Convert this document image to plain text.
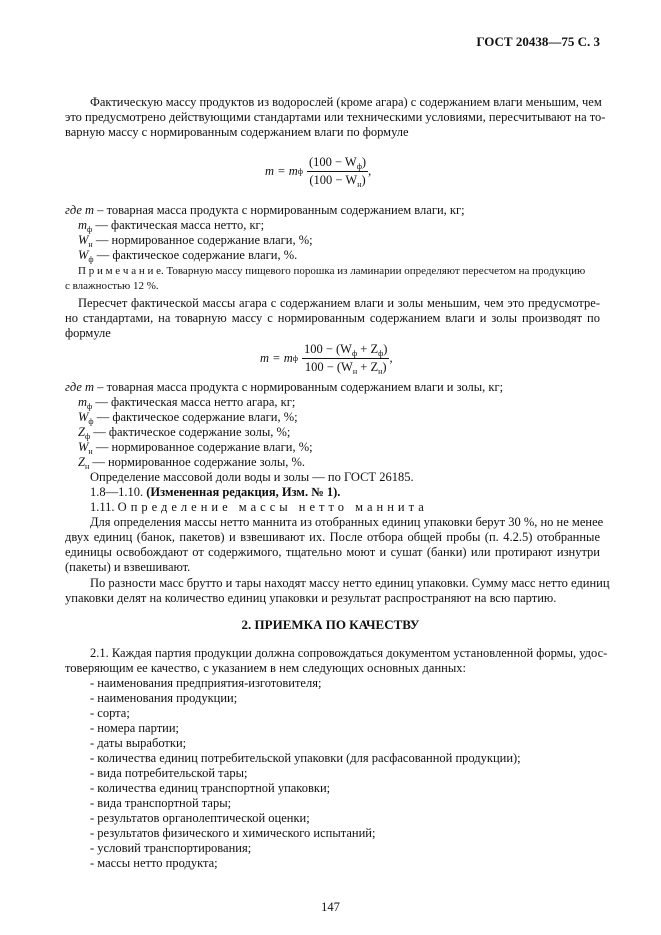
ГОСТ 20438—75 С. 3
Фактическую массу продуктов из водорослей (кроме агара) с содержанием влаги меньшим, чем
это предусмотрено действующими стандартами или техническими условиями, пересчитывают на то-
варную массу с нормированным содержанием влаги по формуле
m = m ф $\frac{(100 - W_ф)}{(100 - W_н)}$ ,
где m – товарная масса продукта с нормированным содержанием влаги, кг;
$m_ф$ — фактическая масса нетто, кг;
$W_н$ — нормированное содержание влаги, %;
$W_ф$ — фактическое содержание влаги, %.
П р и м е ч а н и е. Товарную массу пищевого порошка из ламинарии определяют пересчетом на продукцию
с влажностью 12 %.
Пересчет фактической массы агара с содержанием влаги и золы меньшим, чем это предусмотре-
но стандартами, на товарную массу с нормированным содержанием влаги и золы производят по
формуле
m = m ф $\frac{100 - (W_ф + Z_ф)}{100 - (W_н + Z_н)}$ ,
где m – товарная масса продукта с нормированным содержанием влаги и золы, кг;
$m_ф$ — фактическая масса нетто агара, кг;
$W_ф$ — фактическое содержание влаги, %;
$Z_ф$ — фактическое содержание золы, %;
$W_н$ — нормированное содержание влаги, %;
$Z_н$ — нормированное содержание золы, %.
Определение массовой доли воды и золы — по ГОСТ 26185.
1.8—1.10. (Измененная редакция, Изм. № 1).
1.11. Определение массы нетто маннита
Для определения массы нетто маннита из отобранных единиц упаковки берут 30 %, но не менее
двух единиц (банок, пакетов) и взвешивают их. После отбора общей пробы (п. 4.2.5) отобранные
единицы освобождают от содержимого, тщательно моют и сушат (банки) или протирают изнутри
(пакеты) и взвешивают.
По разности масс брутто и тары находят массу нетто единиц упаковки. Сумму масс нетто единиц
упаковки делят на количество единиц упаковки и результат распространяют на всю партию.
2. ПРИЕМКА ПО КАЧЕСТВУ
2.1. Каждая партия продукции должна сопровождаться документом установленной формы, удос-
товеряющим ее качество, с указанием в нем следующих основных данных:
- наименования предприятия-изготовителя;
- наименования продукции;
- сорта;
- номера партии;
- даты выработки;
- количества единиц потребительской упаковки (для расфасованной продукции);
- вида потребительской тары;
- количества единиц транспортной упаковки;
- вида транспортной тары;
- результатов органолептической оценки;
- результатов физического и химического испытаний;
- условий транспортирования;
- массы нетто продукта;
147
